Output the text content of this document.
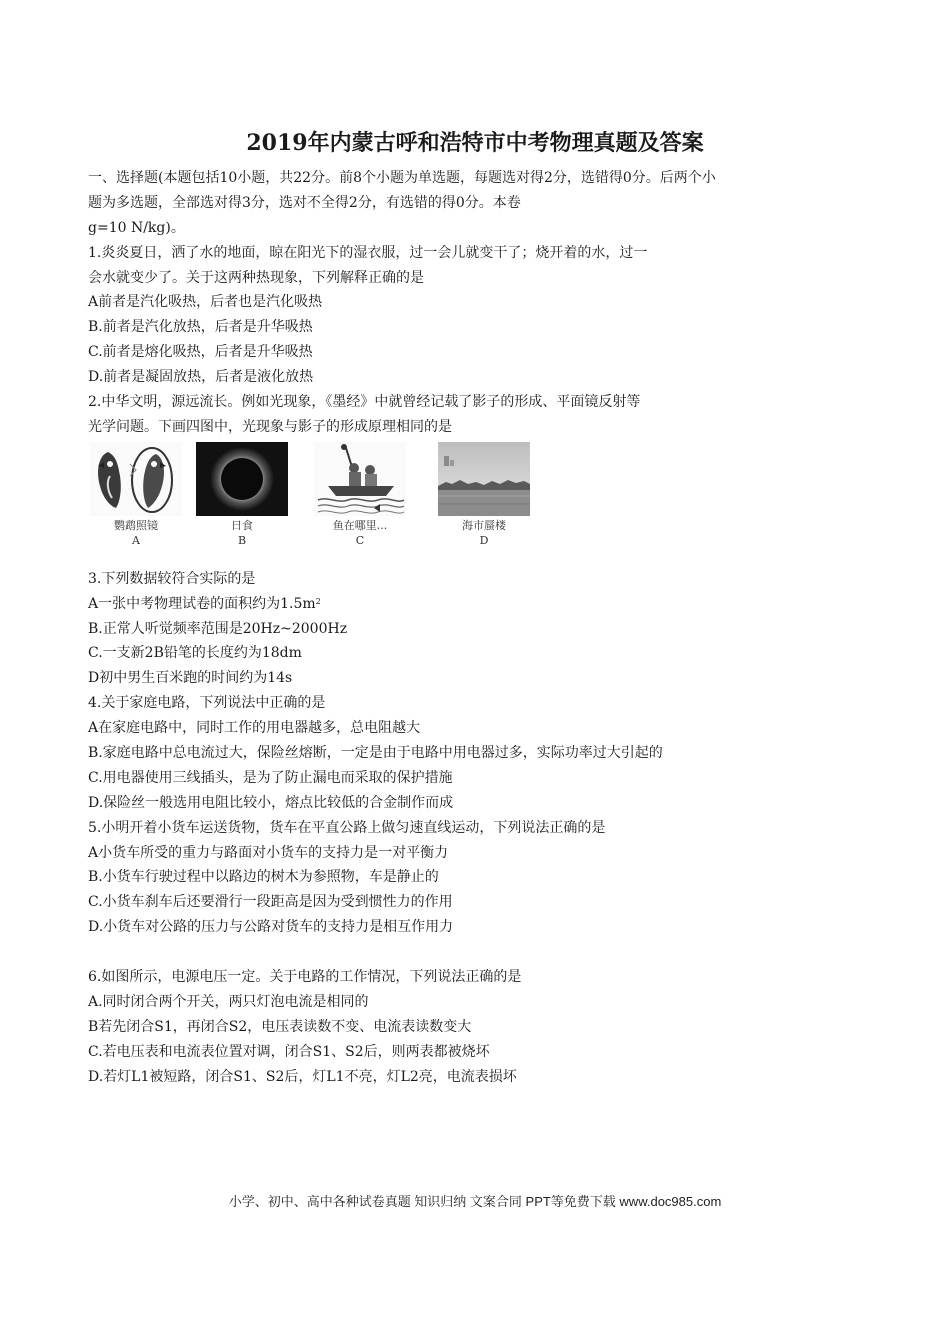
2019年内蒙古呼和浩特市中考物理真题及答案
一、选择题(本题包括10小题，共22分。前8个小题为单选题，每题选对得2分，选错得0分。后两个小
题为多选题，全部选对得3分，选对不全得2分，有选错的得0分。本卷
g=10 N/kg)。
1.炎炎夏日，洒了水的地面，晾在阳光下的湿衣服，过一会儿就变干了；烧开着的水，过一
会水就变少了。关于这两种热现象，下列解释正确的是
A前者是汽化吸热，后者也是汽化吸热
B.前者是汽化放热，后者是升华吸热
C.前者是熔化吸热，后者是升华吸热
D.前者是凝固放热，后者是液化放热
2.中华文明，源远流长。例如光现象，《墨经》中就曾经记载了影子的形成、平面镜反射等
光学问题。下画四图中，光现象与影子的形成原理相同的是
鹦鹉照镜
A
日食
B
鱼在哪里...
C
海市蜃楼
D
3.下列数据较符合实际的是
A一张中考物理试卷的面积约为$1.5m^2$
B.正常人听觉频率范围是20Hz~2000Hz
C.一支新2B铅笔的长度约为18dm
D初中男生百米跑的时间约为14s
4.关于家庭电路，下列说法中正确的是
A在家庭电路中，同时工作的用电器越多，总电阻越大
B.家庭电路中总电流过大，保险丝熔断，一定是由于电路中用电器过多，实际功率过大引起的
C.用电器使用三线插头，是为了防止漏电而采取的保护措施
D.保险丝一般选用电阻比较小，熔点比较低的合金制作而成
5.小明开着小货车运送货物，货车在平直公路上做匀速直线运动，下列说法正确的是
A小货车所受的重力与路面对小货车的支持力是一对平衡力
B.小货车行驶过程中以路边的树木为参照物，车是静止的
C.小货车刹车后还要滑行一段距高是因为受到惯性力的作用
D.小货车对公路的压力与公路对货车的支持力是相互作用力
6.如图所示，电源电压一定。关于电路的工作情况，下列说法正确的是
A.同时闭合两个开关，两只灯泡电流是相同的
B若先闭合S1，再闭合S2，电压表读数不变、电流表读数变大
C.若电压表和电流表位置对调，闭合S1、S2后，则两表都被烧坏
D.若灯L1被短路，闭合S1、S2后，灯L1不亮，灯L2亮，电流表损坏
小学、初中、高中各种试卷真题 知识归纳 文案合同 PPT等免费下载 www.doc985.com
